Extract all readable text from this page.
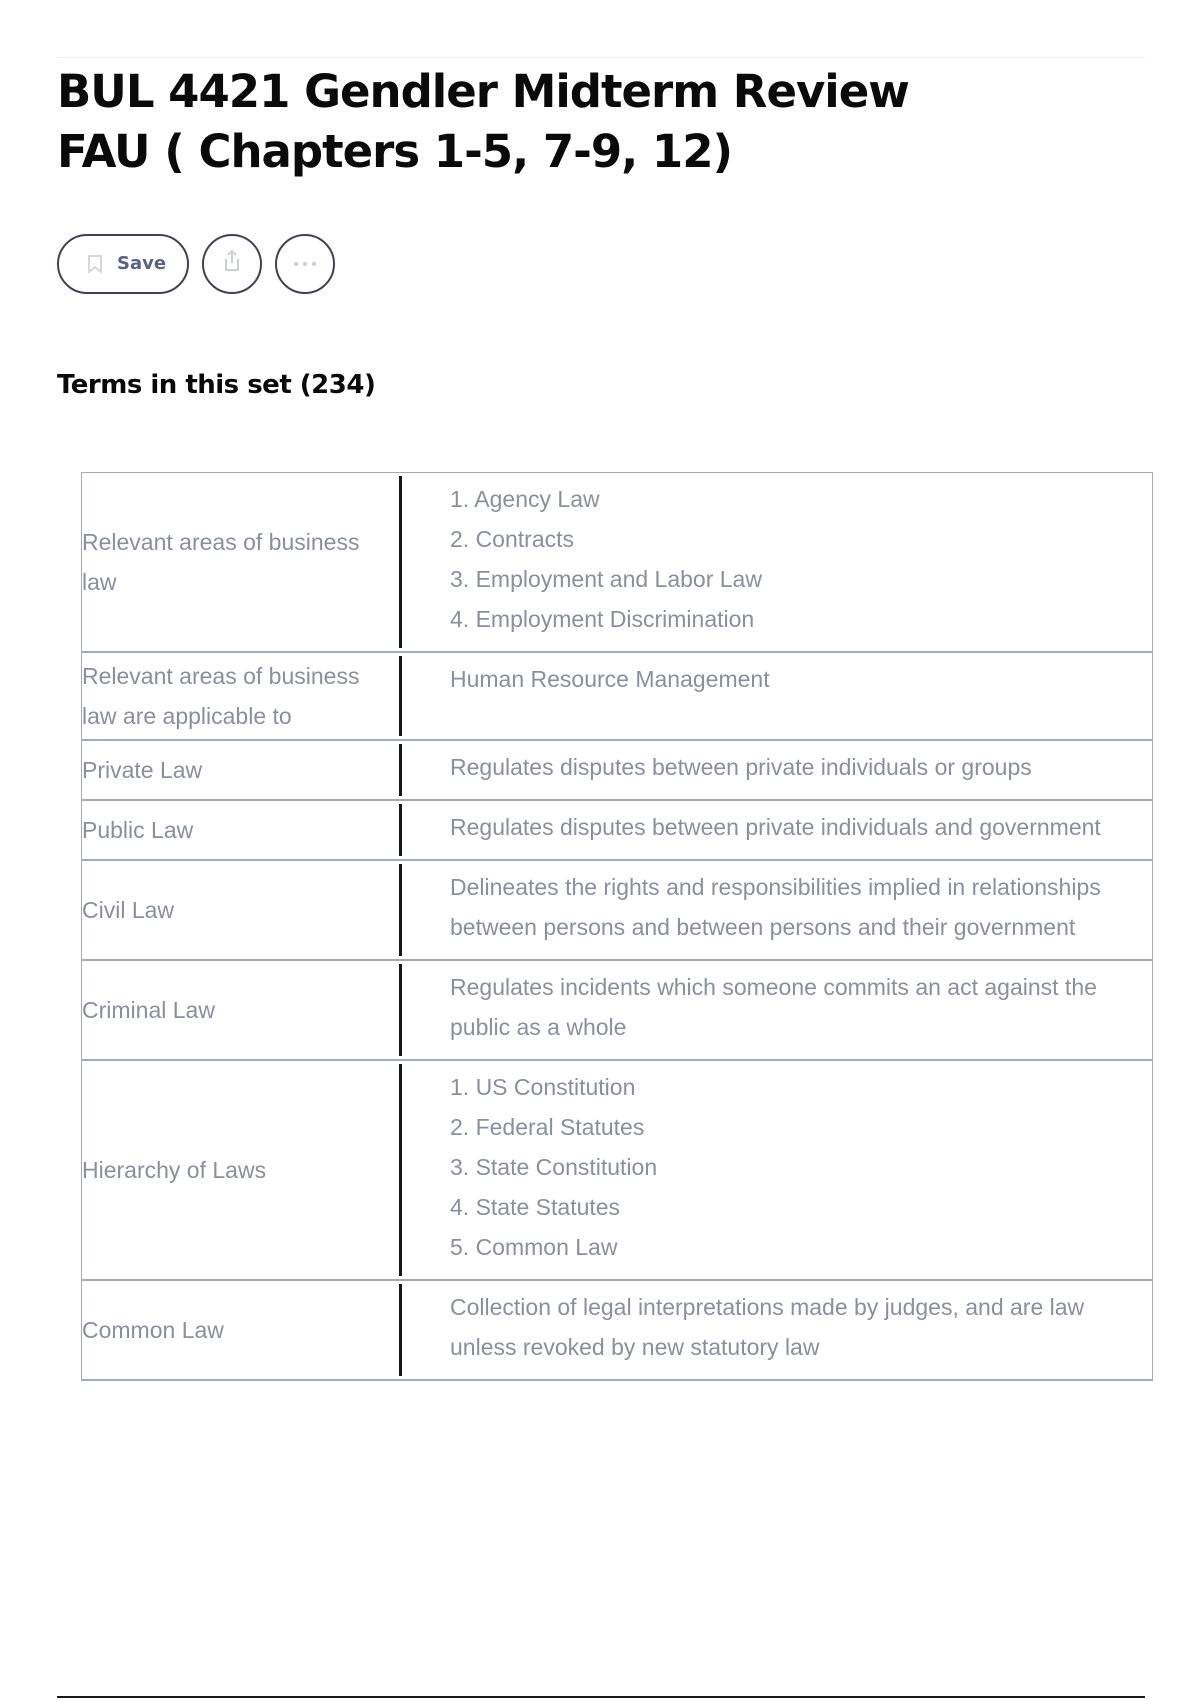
BUL 4421 Gendler Midterm Review FAU ( Chapters 1-5, 7-9, 12)
Save
Terms in this set (234)
Relevant areas of business law
1. Agency Law
2. Contracts
3. Employment and Labor Law
4. Employment Discrimination
Relevant areas of business law are applicable to
Human Resource Management
Private Law	Regulates disputes between private individuals or groups
Public Law	Regulates disputes between private individuals and government
Civil Law
Delineates the rights and responsibilities implied in relationships between persons and between persons and their government
Criminal Law
Regulates incidents which someone commits an act against the public as a whole
Hierarchy of Laws
1. US Constitution
2. Federal Statutes
3. State Constitution
4. State Statutes
5. Common Law
Common Law
Collection of legal interpretations made by judges, and are law unless revoked by new statutory law
